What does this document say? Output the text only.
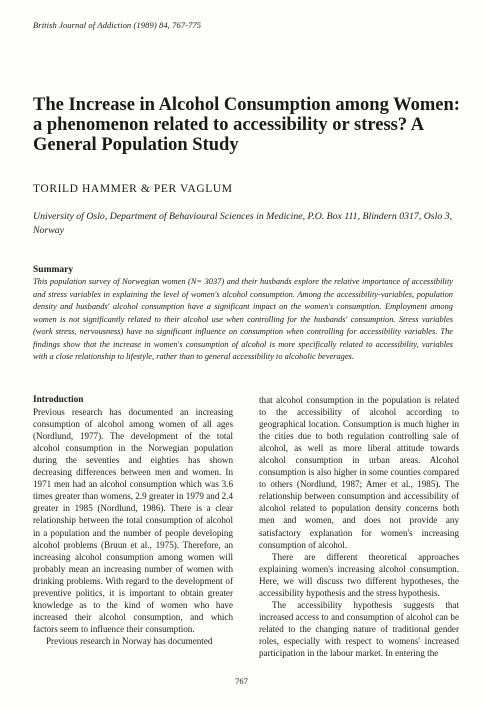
British Journal of Addiction (1989) 84, 767-775
The Increase in Alcohol Consumption among Women: a phenomenon related to accessibility or stress? A General Population Study
TORILD HAMMER & PER VAGLUM
University of Oslo, Department of Behavioural Sciences in Medicine, P.O. Box 111, Blindern 0317, Oslo 3, Norway
Summary
This population survey of Norwegian women (N= 3037) and their husbands explore the relative importance of accessibility and stress variables in explaining the level of women's alcohol consumption. Among the accessibility-variables, population density and husbands' alcohol consumption have a significant impact on the women's consumption. Employment among women is not significantly related to their alcohol use when controlling for the husbands' consumption. Stress variables (work stress, nervousness) have no significant influence on consumption when controlling for accessibility variables. The findings show that the increase in women's consumption of alcohol is more specifically related to accessibility, variables with a close relationship to lifestyle, rather than to general accessibility to alcoholic beverages.
Introduction

Previous research has documented an increasing consumption of alcohol among women of all ages (Nordlund, 1977). The development of the total alcohol consumption in the Norwegian population during the seventies and eighties has shown decreasing differences between men and women. In 1971 men had an alcohol consumption which was 3.6 times greater than womens, 2.9 greater in 1979 and 2.4 greater in 1985 (Nordlund, 1986). There is a clear relationship between the total consumption of alcohol in a population and the number of people developing alcohol problems (Bruun et al., 1975). Therefore, an increasing alcohol consumption among women will probably mean an increasing number of women with drinking problems. With regard to the development of preventive politics, it is important to obtain greater knowledge as to the kind of women who have increased their alcohol consumption, and which factors seem to influence their consumption.

Previous research in Norway has documented

that alcohol consumption in the population is related to the accessibility of alcohol according to geographical location. Consumption is much higher in the cities due to both regulation controlling sale of alcohol, as well as more liberal attitude towards alcohol consumption in urban areas. Alcohol consumption is also higher in some counties compared to others (Nordlund, 1987; Amer et al., 1985). The relationship between consumption and accessibility of alcohol related to population density concerns both men and women, and does not provide any satisfactory explanation for women's increasing consumption of alcohol.

There are different theoretical approaches explaining women's increasing alcohol consumption. Here, we will discuss two different hypotheses, the accessibility hypothesis and the stress hypothesis.

The accessibility hypothesis suggests that increased access to and consumption of alcohol can be related to the changing nature of traditional gender roles, especially with respect to womens' increased participation in the labour market. In entering the

767
